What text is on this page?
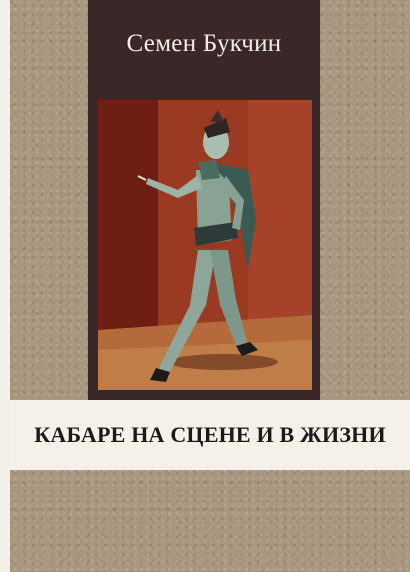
Семен Букчин
КАБАРЕ НА СЦЕНЕ И В ЖИЗНИ
